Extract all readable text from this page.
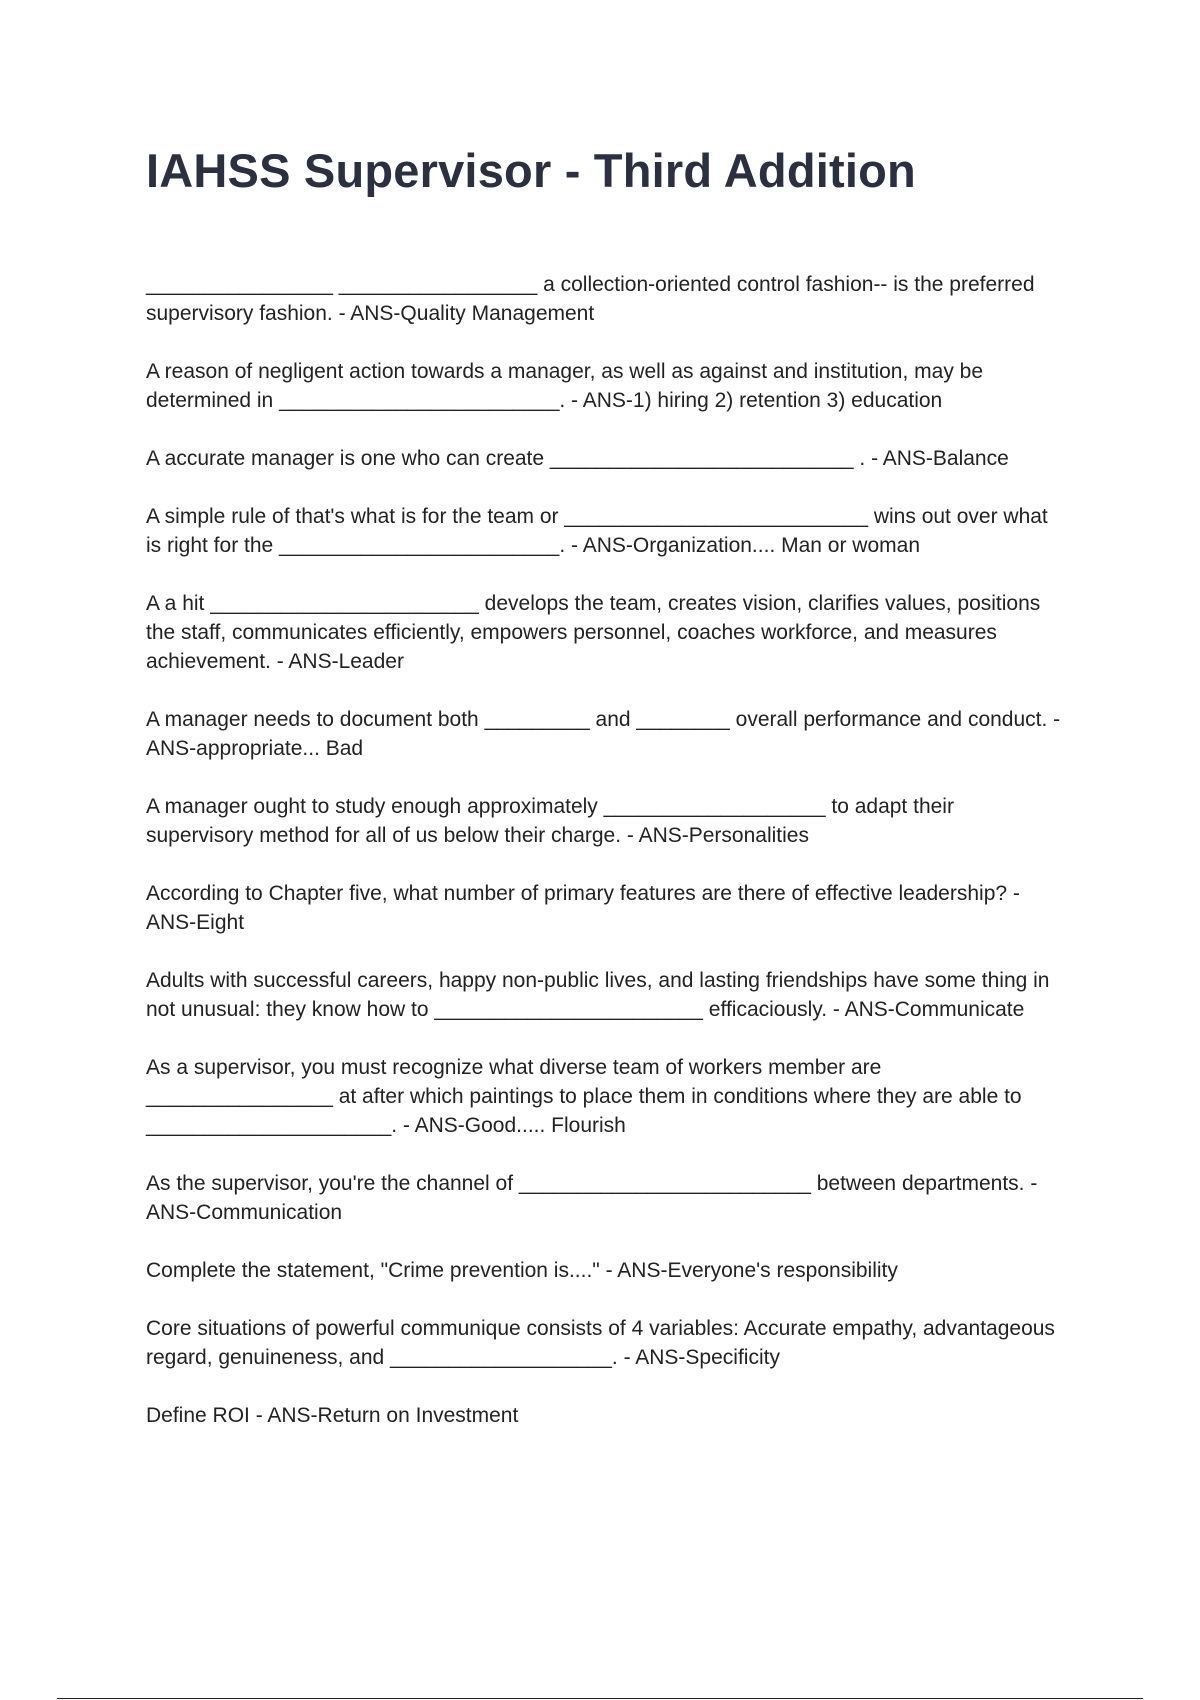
IAHSS Supervisor - Third Addition

________________ _________________ a collection-oriented control fashion-- is the preferred supervisory fashion. - ANS-Quality Management

A reason of negligent action towards a manager, as well as against and institution, may be determined in ________________________. - ANS-1) hiring 2) retention 3) education

A accurate manager is one who can create __________________________ . - ANS-Balance

A simple rule of that's what is for the team or __________________________ wins out over what is right for the ________________________. - ANS-Organization.... Man or woman

A a hit _______________________ develops the team, creates vision, clarifies values, positions the staff, communicates efficiently, empowers personnel, coaches workforce, and measures achievement. - ANS-Leader

A manager needs to document both _________ and ________ overall performance and conduct. - ANS-appropriate... Bad

A manager ought to study enough approximately ___________________ to adapt their supervisory method for all of us below their charge. - ANS-Personalities

According to Chapter five, what number of primary features are there of effective leadership? - ANS-Eight

Adults with successful careers, happy non-public lives, and lasting friendships have some thing in not unusual: they know how to _______________________ efficaciously. - ANS-Communicate

As a supervisor, you must recognize what diverse team of workers member are ________________ at after which paintings to place them in conditions where they are able to _____________________. - ANS-Good..... Flourish

As the supervisor, you're the channel of _________________________ between departments. - ANS-Communication

Complete the statement, "Crime prevention is...." - ANS-Everyone's responsibility

Core situations of powerful communique consists of 4 variables: Accurate empathy, advantageous regard, genuineness, and ___________________. - ANS-Specificity

Define ROI - ANS-Return on Investment
